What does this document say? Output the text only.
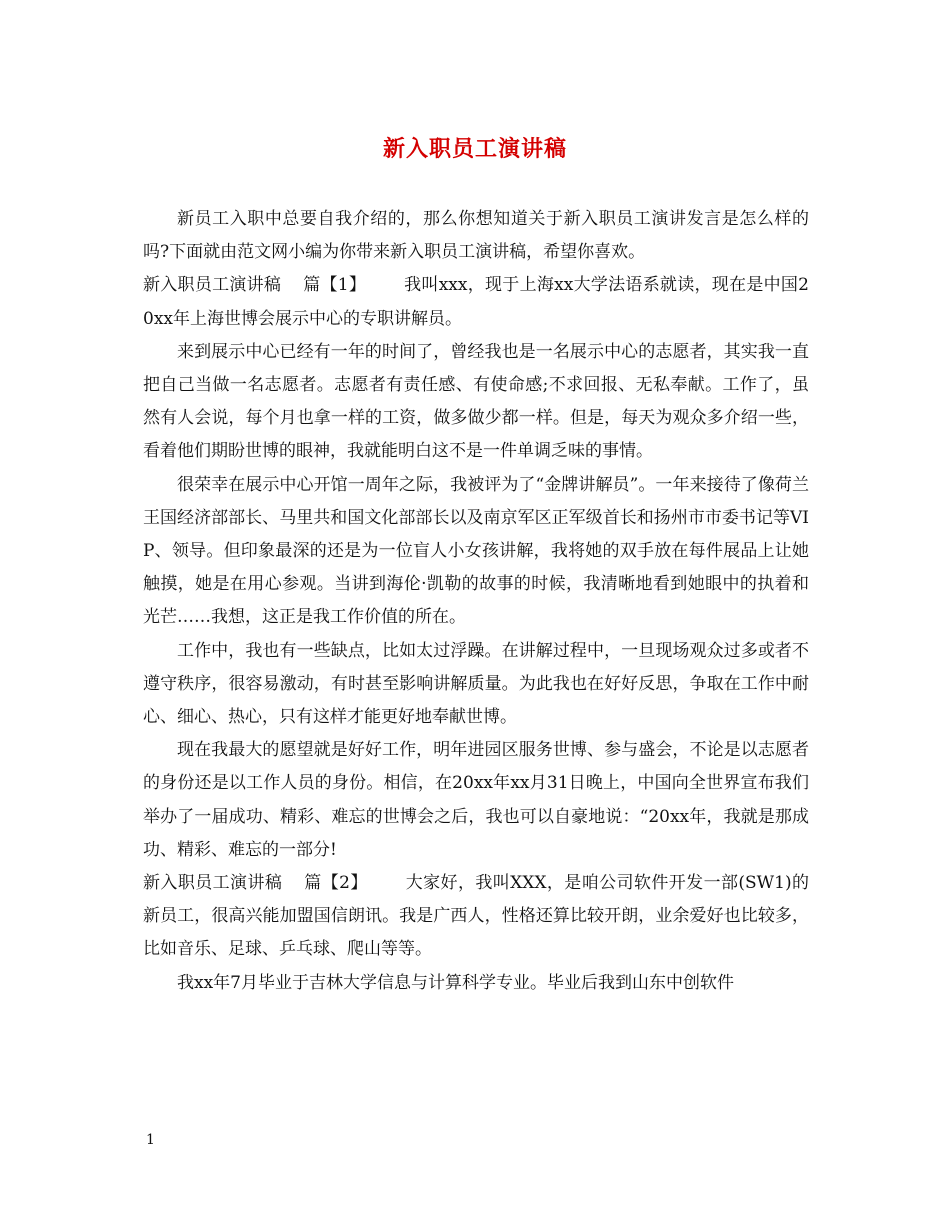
新入职员工演讲稿

新员工入职中总要自我介绍的，那么你想知道关于新入职员工演讲发言是怎么样的吗?下面就由范文网小编为你带来新入职员工演讲稿，希望你喜欢。

新入职员工演讲稿 篇【1】 我叫xxx，现于上海xx大学法语系就读，现在是中国20xx年上海世博会展示中心的专职讲解员。

来到展示中心已经有一年的时间了，曾经我也是一名展示中心的志愿者，其实我一直把自己当做一名志愿者。志愿者有责任感、有使命感;不求回报、无私奉献。工作了，虽然有人会说，每个月也拿一样的工资，做多做少都一样。但是，每天为观众多介绍一些，看着他们期盼世博的眼神，我就能明白这不是一件单调乏味的事情。

很荣幸在展示中心开馆一周年之际，我被评为了“金牌讲解员”。一年来接待了像荷兰王国经济部部长、马里共和国文化部部长以及南京军区正军级首长和扬州市市委书记等VIP、领导。但印象最深的还是为一位盲人小女孩讲解，我将她的双手放在每件展品上让她触摸，她是在用心参观。当讲到海伦·凯勒的故事的时候，我清晰地看到她眼中的执着和光芒……我想，这正是我工作价值的所在。

工作中，我也有一些缺点，比如太过浮躁。在讲解过程中，一旦现场观众过多或者不遵守秩序，很容易激动，有时甚至影响讲解质量。为此我也在好好反思，争取在工作中耐心、细心、热心，只有这样才能更好地奉献世博。

现在我最大的愿望就是好好工作，明年进园区服务世博、参与盛会，不论是以志愿者的身份还是以工作人员的身份。相信，在20xx年xx月31日晚上，中国向全世界宣布我们举办了一届成功、精彩、难忘的世博会之后，我也可以自豪地说：“20xx年，我就是那成功、精彩、难忘的一部分!

新入职员工演讲稿 篇【2】 大家好，我叫XXX，是咱公司软件开发一部(SW1)的新员工，很高兴能加盟国信朗讯。我是广西人，性格还算比较开朗，业余爱好也比较多，比如音乐、足球、乒乓球、爬山等等。

我xx年7月毕业于吉林大学信息与计算科学专业。毕业后我到山东中创软件

1
